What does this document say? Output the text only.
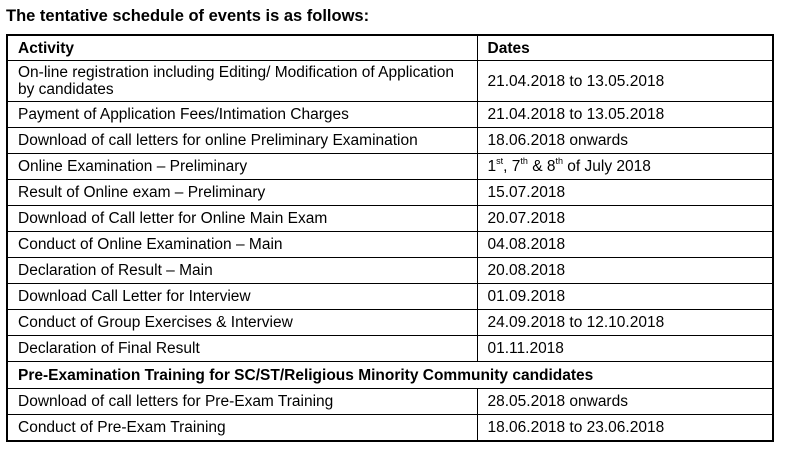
The tentative schedule of events is as follows:
Activity	Dates
On-line registration including Editing/ Modification of Application by candidates	21.04.2018 to 13.05.2018
Payment of Application Fees/Intimation Charges	21.04.2018 to 13.05.2018
Download of call letters for online Preliminary Examination	18.06.2018 onwards
Online Examination – Preliminary	1st, 7th & 8th of July 2018
Result of Online exam – Preliminary	15.07.2018
Download of Call letter for Online Main Exam	20.07.2018
Conduct of Online Examination – Main	04.08.2018
Declaration of Result – Main	20.08.2018
Download Call Letter for Interview	01.09.2018
Conduct of Group Exercises & Interview	24.09.2018 to 12.10.2018
Declaration of Final Result	01.11.2018
Pre-Examination Training for SC/ST/Religious Minority Community candidates	
Download of call letters for Pre-Exam Training	28.05.2018 onwards
Conduct of Pre-Exam Training	18.06.2018 to 23.06.2018
